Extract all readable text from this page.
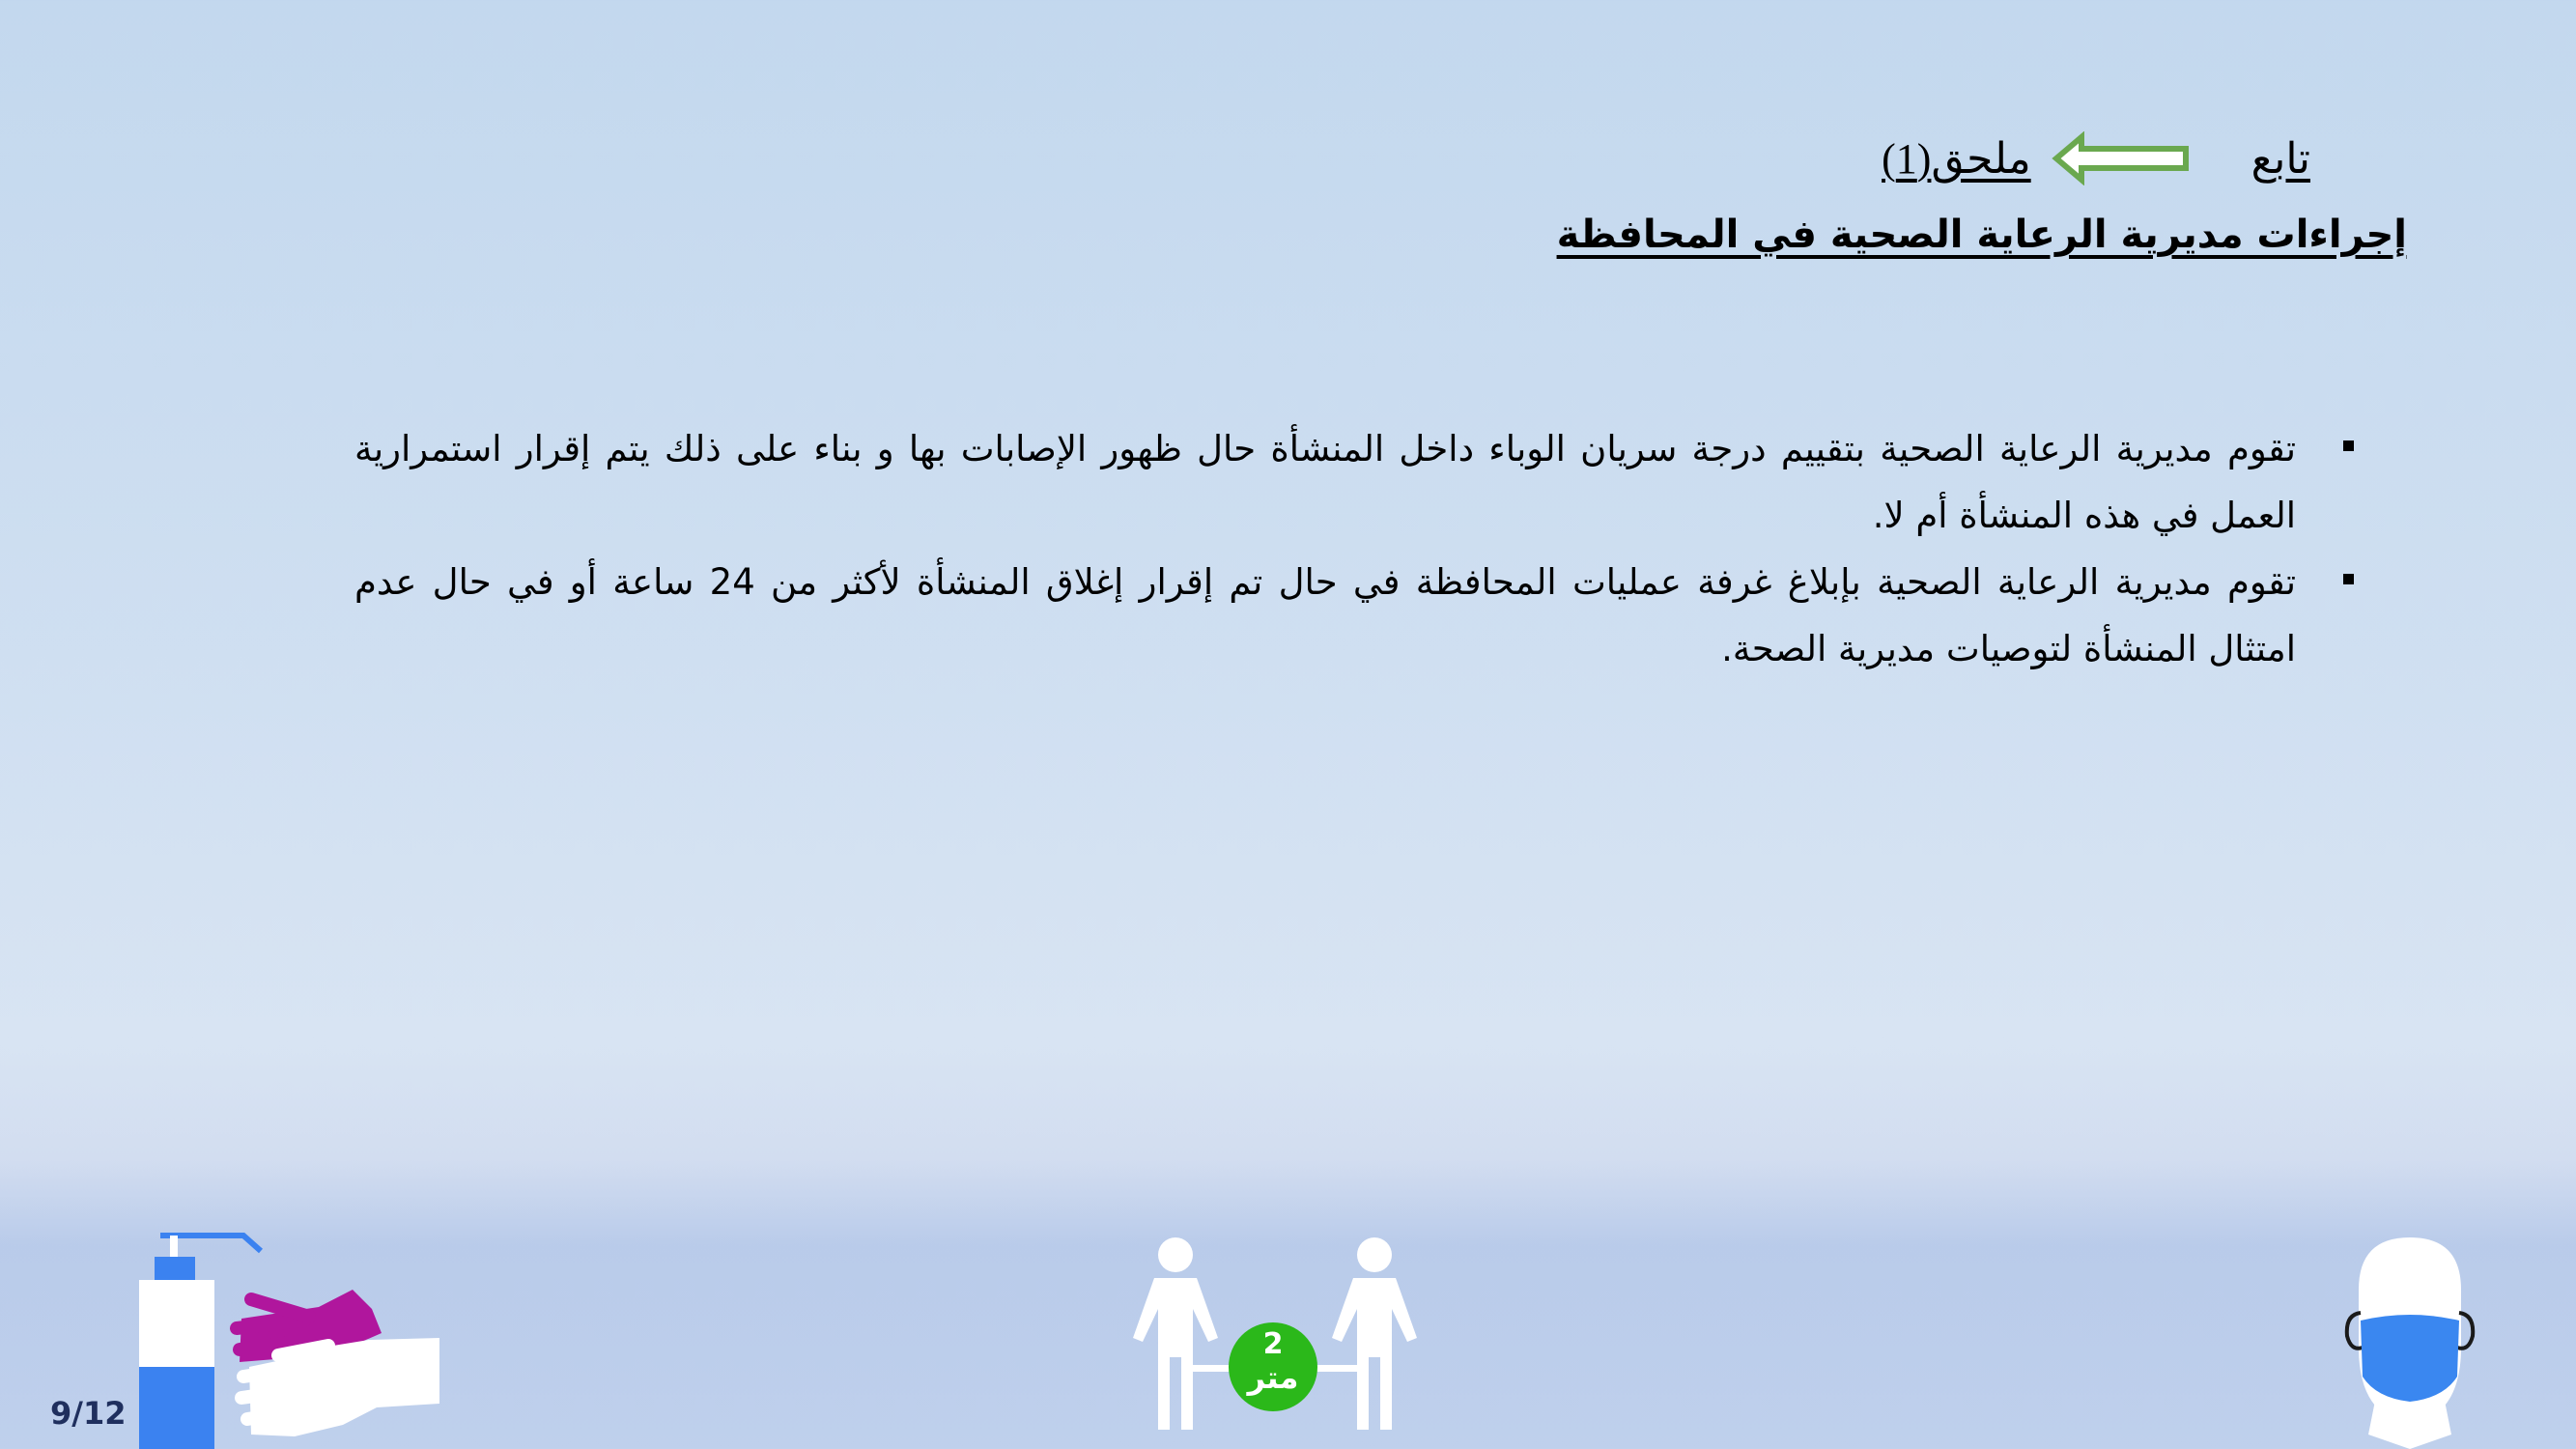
تابع
ملحق(1)
إجراءات مديرية الرعاية الصحية في المحافظة
تقوم مديرية الرعاية الصحية بتقييم درجة سريان الوباء داخل المنشأة حال ظهور الإصابات بها و بناء على ذلك يتم إقرار استمرارية العمل في هذه المنشأة أم لا.
تقوم مديرية الرعاية الصحية بإبلاغ غرفة عمليات المحافظة في حال تم إقرار إغلاق المنشأة لأكثر من 24 ساعة أو في حال عدم امتثال المنشأة لتوصيات مديرية الصحة.
2
متر
9/12
